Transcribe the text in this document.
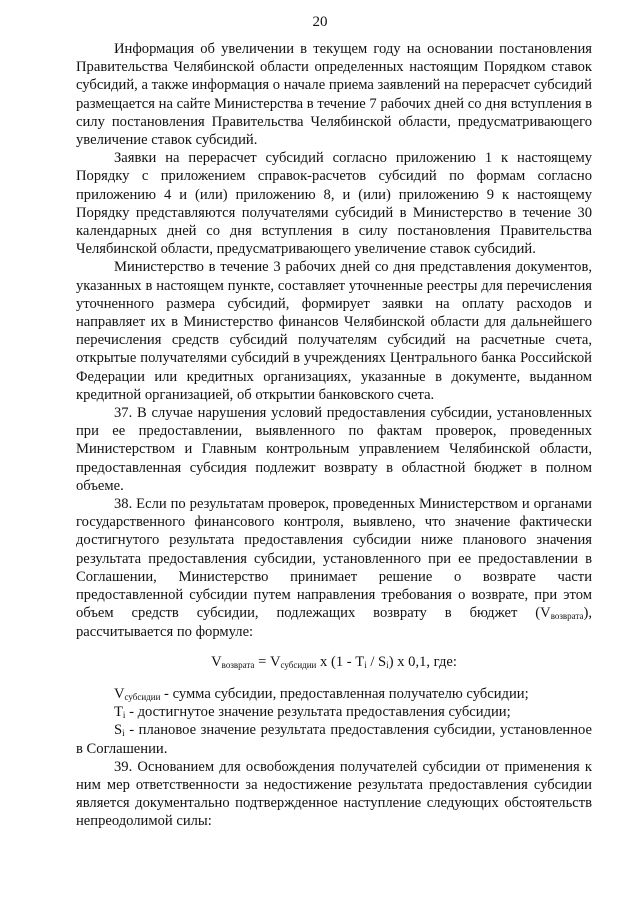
20

Информация об увеличении в текущем году на основании постановления Правительства Челябинской области определенных настоящим Порядком ставок субсидий, а также информация о начале приема заявлений на перерасчет субсидий размещается на сайте Министерства в течение 7 рабочих дней со дня вступления в силу постановления Правительства Челябинской области, предусматривающего увеличение ставок субсидий.

Заявки на перерасчет субсидий согласно приложению 1 к настоящему Порядку с приложением справок-расчетов субсидий по формам согласно приложению 4 и (или) приложению 8, и (или) приложению 9 к настоящему Порядку представляются получателями субсидий в Министерство в течение 30 календарных дней со дня вступления в силу постановления Правительства Челябинской области, предусматривающего увеличение ставок субсидий.

Министерство в течение 3 рабочих дней со дня представления документов, указанных в настоящем пункте, составляет уточненные реестры для перечисления уточненного размера субсидий, формирует заявки на оплату расходов и направляет их в Министерство финансов Челябинской области для дальнейшего перечисления средств субсидий получателям субсидий на расчетные счета, открытые получателями субсидий в учреждениях Центрального банка Российской Федерации или кредитных организациях, указанные в документе, выданном кредитной организацией, об открытии банковского счета.

37. В случае нарушения условий предоставления субсидии, установленных при ее предоставлении, выявленного по фактам проверок, проведенных Министерством и Главным контрольным управлением Челябинской области, предоставленная субсидия подлежит возврату в областной бюджет в полном объеме.

38. Если по результатам проверок, проведенных Министерством и органами государственного финансового контроля, выявлено, что значение фактически достигнутого результата предоставления субсидии ниже планового значения результата предоставления субсидии, установленного при ее предоставлении в Соглашении, Министерство принимает решение о возврате части предоставленной субсидии путем направления требования о возврате, при этом объем средств субсидии, подлежащих возврату в бюджет $(V_{возврата})$, рассчитывается по формуле:

$V_{возврата} = V_{субсидии}$ х $(1 - T_i / S_i)$ х 0,1, где:

$V_{субсидии}$ - сумма субсидии, предоставленная получателю субсидии;

$T_i$ - достигнутое значение результата предоставления субсидии;

$S_i$ - плановое значение результата предоставления субсидии, установленное в Соглашении.

39. Основанием для освобождения получателей субсидии от применения к ним мер ответственности за недостижение результата предоставления субсидии является документально подтвержденное наступление следующих обстоятельств непреодолимой силы:
